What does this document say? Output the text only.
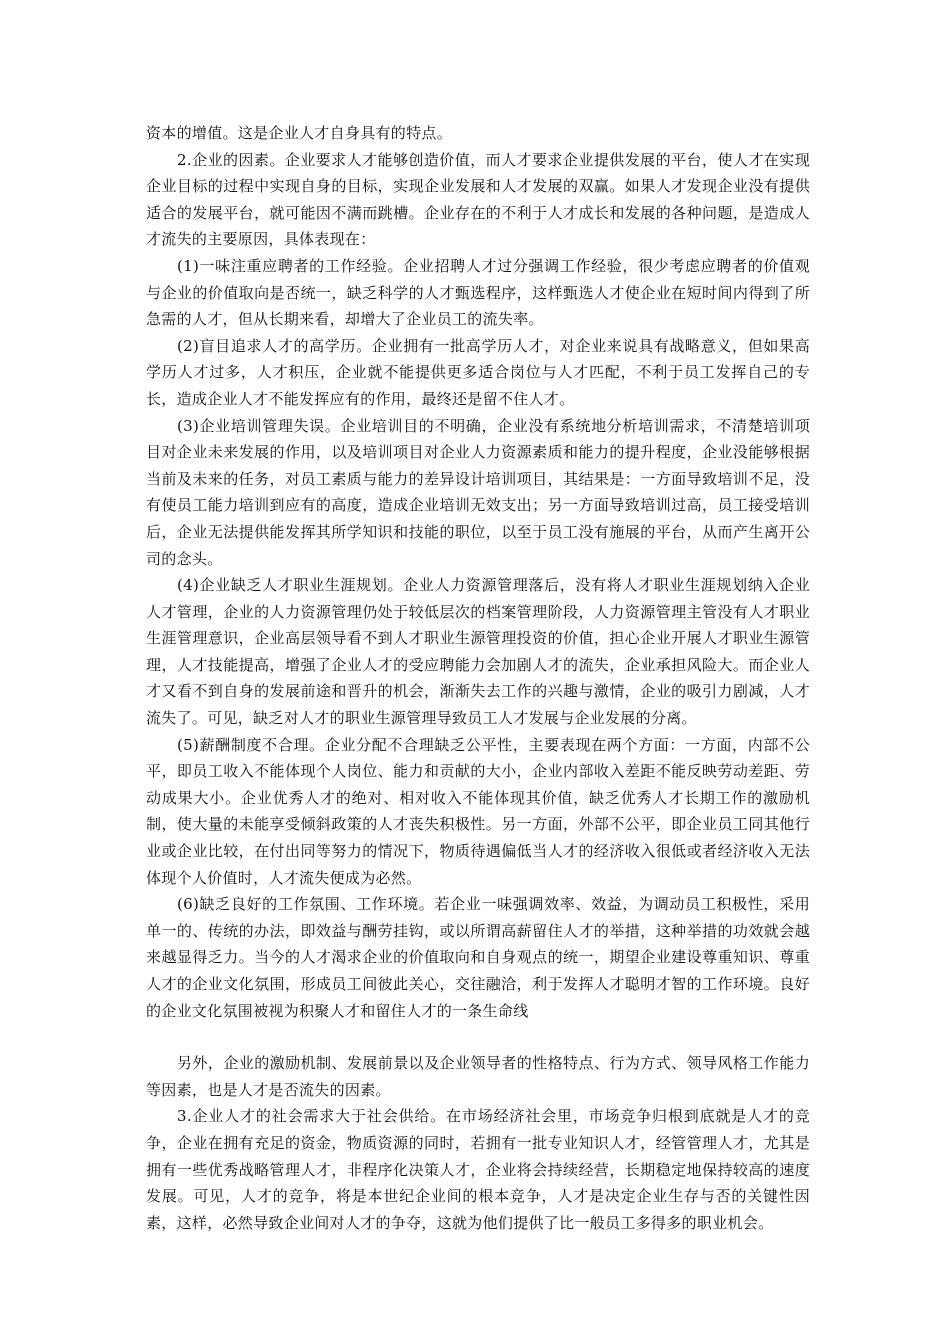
资本的增值。这是企业人才自身具有的特点。

2.企业的因素。企业要求人才能够创造价值，而人才要求企业提供发展的平台，使人才在实现企业目标的过程中实现自身的目标，实现企业发展和人才发展的双赢。如果人才发现企业没有提供适合的发展平台，就可能因不满而跳槽。企业存在的不利于人才成长和发展的各种问题，是造成人才流失的主要原因，具体表现在：

(1)一味注重应聘者的工作经验。企业招聘人才过分强调工作经验，很少考虑应聘者的价值观与企业的价值取向是否统一，缺乏科学的人才甄选程序，这样甄选人才使企业在短时间内得到了所急需的人才，但从长期来看，却增大了企业员工的流失率。

(2)盲目追求人才的高学历。企业拥有一批高学历人才，对企业来说具有战略意义，但如果高学历人才过多，人才积压，企业就不能提供更多适合岗位与人才匹配，不利于员工发挥自己的专长，造成企业人才不能发挥应有的作用，最终还是留不住人才。

(3)企业培训管理失误。企业培训目的不明确，企业没有系统地分析培训需求，不清楚培训项目对企业未来发展的作用，以及培训项目对企业人力资源素质和能力的提升程度，企业没能够根据当前及未来的任务，对员工素质与能力的差异设计培训项目，其结果是：一方面导致培训不足，没有使员工能力培训到应有的高度，造成企业培训无效支出；另一方面导致培训过高，员工接受培训后，企业无法提供能发挥其所学知识和技能的职位，以至于员工没有施展的平台，从而产生离开公司的念头。

(4)企业缺乏人才职业生涯规划。企业人力资源管理落后，没有将人才职业生涯规划纳入企业人才管理，企业的人力资源管理仍处于较低层次的档案管理阶段，人力资源管理主管没有人才职业生涯管理意识，企业高层领导看不到人才职业生源管理投资的价值，担心企业开展人才职业生源管理，人才技能提高，增强了企业人才的受应聘能力会加剧人才的流失，企业承担风险大。而企业人才又看不到自身的发展前途和晋升的机会，渐渐失去工作的兴趣与激情，企业的吸引力剧减，人才流失了。可见，缺乏对人才的职业生源管理导致员工人才发展与企业发展的分离。

(5)薪酬制度不合理。企业分配不合理缺乏公平性，主要表现在两个方面：一方面，内部不公平，即员工收入不能体现个人岗位、能力和贡献的大小，企业内部收入差距不能反映劳动差距、劳动成果大小。企业优秀人才的绝对、相对收入不能体现其价值，缺乏优秀人才长期工作的激励机制，使大量的未能享受倾斜政策的人才丧失积极性。另一方面，外部不公平，即企业员工同其他行业或企业比较，在付出同等努力的情况下，物质待遇偏低当人才的经济收入很低或者经济收入无法体现个人价值时，人才流失便成为必然。

(6)缺乏良好的工作氛围、工作环境。若企业一味强调效率、效益，为调动员工积极性，采用单一的、传统的办法，即效益与酬劳挂钩，或以所谓高薪留住人才的举措，这种举措的功效就会越来越显得乏力。当今的人才渴求企业的价值取向和自身观点的统一，期望企业建设尊重知识、尊重人才的企业文化氛围，形成员工间彼此关心，交往融洽，利于发挥人才聪明才智的工作环境。良好的企业文化氛围被视为积聚人才和留住人才的一条生命线

另外，企业的激励机制、发展前景以及企业领导者的性格特点、行为方式、领导风格工作能力等因素，也是人才是否流失的因素。

3.企业人才的社会需求大于社会供给。在市场经济社会里，市场竞争归根到底就是人才的竞争，企业在拥有充足的资金，物质资源的同时，若拥有一批专业知识人才，经管管理人才，尤其是拥有一些优秀战略管理人才，非程序化决策人才，企业将会持续经营，长期稳定地保持较高的速度发展。可见，人才的竞争，将是本世纪企业间的根本竞争，人才是决定企业生存与否的关键性因素，这样，必然导致企业间对人才的争夺，这就为他们提供了比一般员工多得多的职业机会。
